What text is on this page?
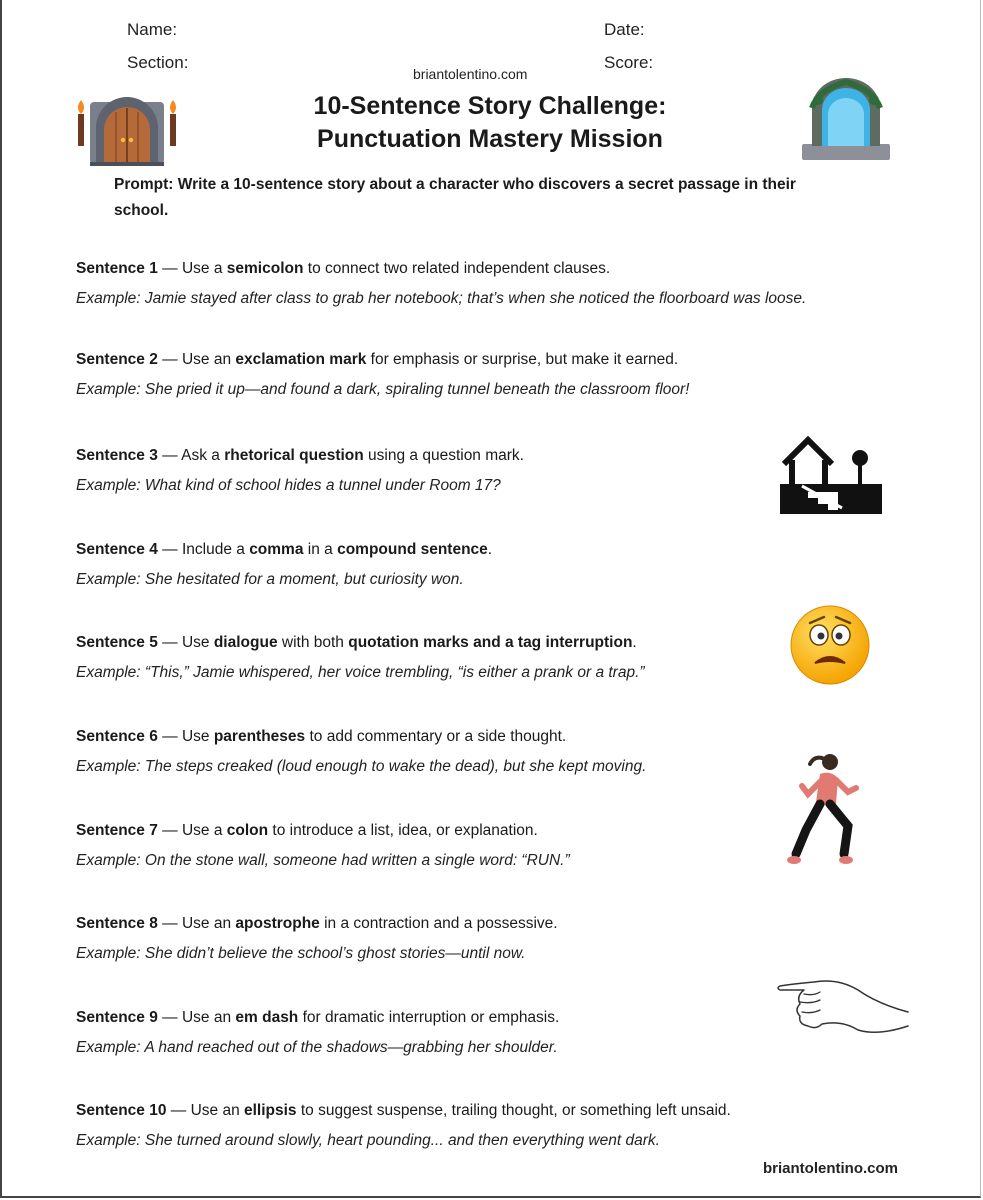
Name:	Date:
Section:	Score:
briantolentino.com
10-Sentence Story Challenge:
Punctuation Mastery Mission
Prompt: Write a 10-sentence story about a character who discovers a secret passage in their school.

Sentence 1 — Use a semicolon to connect two related independent clauses.

Example: Jamie stayed after class to grab her notebook; that’s when she noticed the floorboard was loose.

Sentence 2 — Use an exclamation mark for emphasis or surprise, but make it earned.

Example: She pried it up—and found a dark, spiraling tunnel beneath the classroom floor!

Sentence 3 — Ask a rhetorical question using a question mark.

Example: What kind of school hides a tunnel under Room 17?

Sentence 4 — Include a comma in a compound sentence.

Example: She hesitated for a moment, but curiosity won.

Sentence 5 — Use dialogue with both quotation marks and a tag interruption.

Example: “This,” Jamie whispered, her voice trembling, “is either a prank or a trap.”

Sentence 6 — Use parentheses to add commentary or a side thought.

Example: The steps creaked (loud enough to wake the dead), but she kept moving.

Sentence 7 — Use a colon to introduce a list, idea, or explanation.

Example: On the stone wall, someone had written a single word: “RUN.”

Sentence 8 — Use an apostrophe in a contraction and a possessive.

Example: She didn’t believe the school’s ghost stories—until now.

Sentence 9 — Use an em dash for dramatic interruption or emphasis.

Example: A hand reached out of the shadows—grabbing her shoulder.

Sentence 10 — Use an ellipsis to suggest suspense, trailing thought, or something left unsaid.

Example: She turned around slowly, heart pounding... and then everything went dark.

briantolentino.com
